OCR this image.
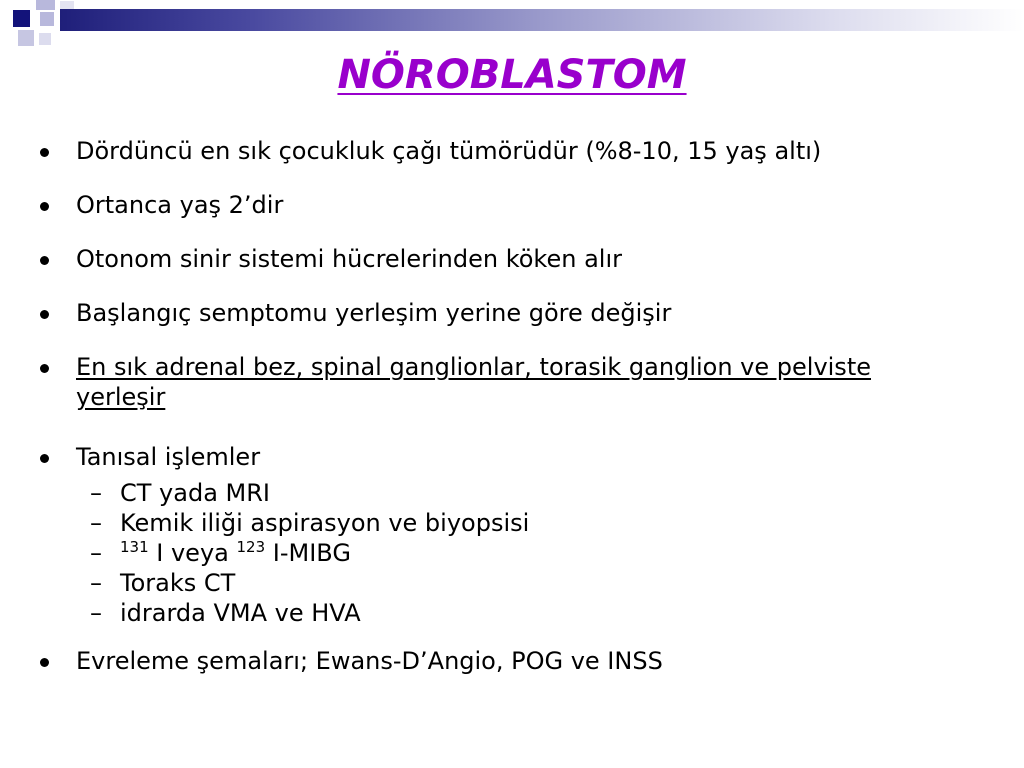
NÖROBLASTOM
Dördüncü en sık çocukluk çağı tümörüdür (%8-10, 15 yaş altı)
Ortanca yaş 2’dir
Otonom sinir sistemi hücrelerinden köken alır
Başlangıç semptomu yerleşim yerine göre değişir
En sık adrenal bez, spinal ganglionlar, torasik ganglion ve pelviste yerleşir
Tanısal işlemler
– CT yada MRI
– Kemik iliği aspirasyon ve biyopsisi
– $^{131}$ I veya $^{123}$ I-MIBG
– Toraks CT
– idrarda VMA ve HVA
Evreleme şemaları; Ewans-D’Angio, POG ve INSS
